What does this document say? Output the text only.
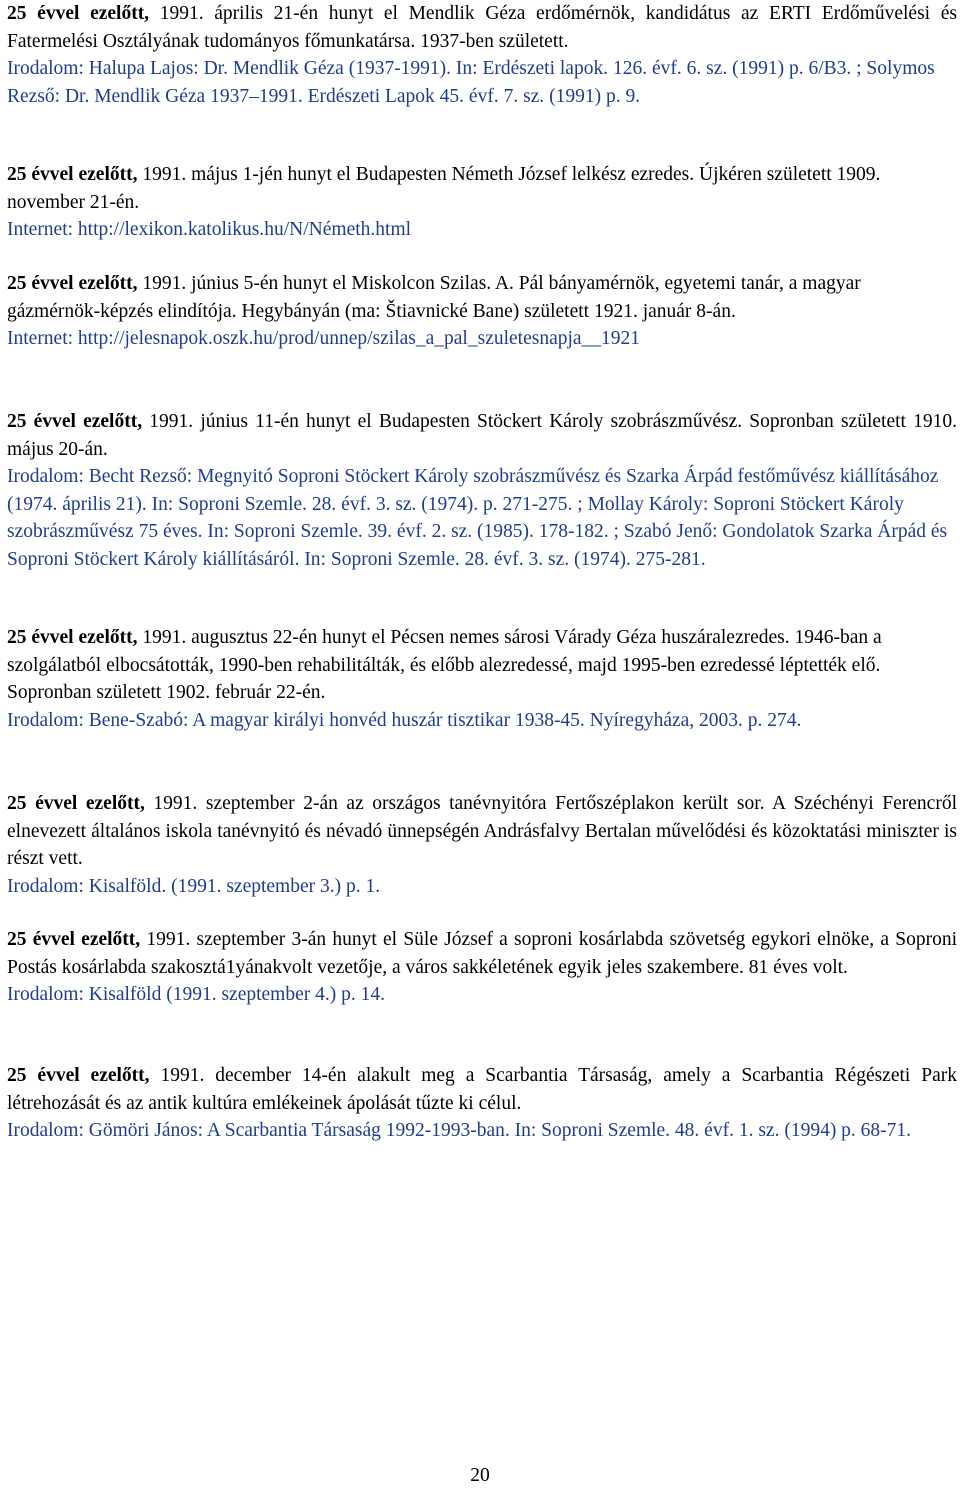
25 évvel ezelőtt, 1991. április 21-én hunyt el Mendlik Géza erdőmérnök, kandidátus az ERTI Erdőművelési és Fatermelési Osztályának tudományos főmunkatársa. 1937-ben született.

Irodalom: Halupa Lajos: Dr. Mendlik Géza (1937-1991). In: Erdészeti lapok. 126. évf. 6. sz. (1991) p. 6/B3. ; Solymos Rezső: Dr. Mendlik Géza 1937–1991. Erdészeti Lapok 45. évf. 7. sz. (1991) p. 9.

25 évvel ezelőtt, 1991. május 1-jén hunyt el Budapesten Németh József lelkész ezredes. Újkéren született 1909. november 21-én.

Internet: http://lexikon.katolikus.hu/N/Németh.html

25 évvel ezelőtt, 1991. június 5-én hunyt el Miskolcon Szilas. A. Pál bányamérnök, egyetemi tanár, a magyar gázmérnök-képzés elindítója. Hegybányán (ma: Štiavnické Bane) született 1921. január 8-án.

Internet: http://jelesnapok.oszk.hu/prod/unnep/szilas_a_pal_szuletesnapja__1921

25 évvel ezelőtt, 1991. június 11-én hunyt el Budapesten Stöckert Károly szobrászművész. Sopronban született 1910. május 20-án.

Irodalom: Becht Rezső: Megnyitó Soproni Stöckert Károly szobrászművész és Szarka Árpád festőművész kiállításához (1974. április 21). In: Soproni Szemle. 28. évf. 3. sz. (1974). p. 271-275. ; Mollay Károly: Soproni Stöckert Károly szobrászművész 75 éves. In: Soproni Szemle. 39. évf. 2. sz. (1985). 178-182. ; Szabó Jenő: Gondolatok Szarka Árpád és Soproni Stöckert Károly kiállításáról. In: Soproni Szemle. 28. évf. 3. sz. (1974). 275-281.

25 évvel ezelőtt, 1991. augusztus 22-én hunyt el Pécsen nemes sárosi Várady Géza huszáralezredes. 1946-ban a szolgálatból elbocsátották, 1990-ben rehabilitálták, és előbb alezredessé, majd 1995-ben ezredessé léptették elő. Sopronban született 1902. február 22-én.

Irodalom: Bene-Szabó: A magyar királyi honvéd huszár tisztikar 1938-45. Nyíregyháza, 2003. p. 274.

25 évvel ezelőtt, 1991. szeptember 2-án az országos tanévnyitóra Fertőszéplakon került sor. A Széchényi Ferencről elnevezett általános iskola tanévnyitó és névadó ünnepségén Andrásfalvy Bertalan művelődési és közoktatási miniszter is részt vett.

Irodalom: Kisalföld. (1991. szeptember 3.) p. 1.

25 évvel ezelőtt, 1991. szeptember 3-án hunyt el Süle József a soproni kosárlabda szövetség egykori elnöke, a Soproni Postás kosárlabda szakosztá1yánakvolt vezetője, a város sakkéletének egyik jeles szakembere. 81 éves volt.

Irodalom: Kisalföld (1991. szeptember 4.) p. 14.

25 évvel ezelőtt, 1991. december 14-én alakult meg a Scarbantia Társaság, amely a Scarbantia Régészeti Park létrehozását és az antik kultúra emlékeinek ápolását tűzte ki célul.

Irodalom: Gömöri János: A Scarbantia Társaság 1992-1993-ban. In: Soproni Szemle. 48. évf. 1. sz. (1994) p. 68-71.

20
